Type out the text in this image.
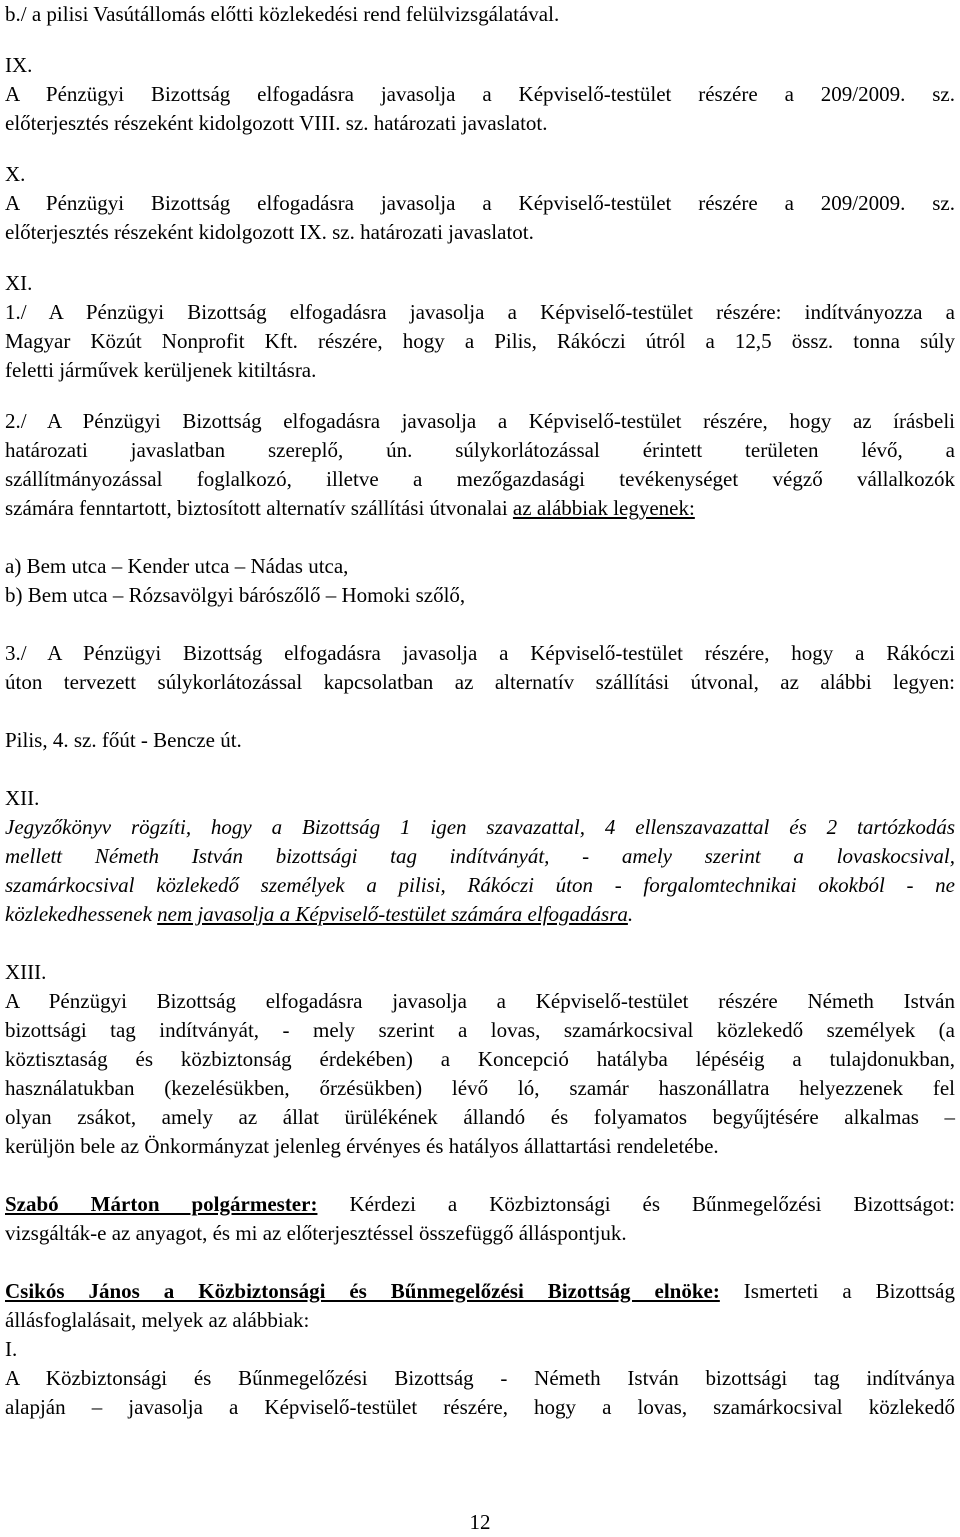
b./ a pilisi Vasútállomás előtti közlekedési rend felülvizsgálatával.

IX.

A Pénzügyi Bizottság elfogadásra javasolja a Képviselő-testület részére a 209/2009. sz.

előterjesztés részeként kidolgozott VIII. sz. határozati javaslatot.

X.

A Pénzügyi Bizottság elfogadásra javasolja a Képviselő-testület részére a 209/2009. sz.

előterjesztés részeként kidolgozott IX. sz. határozati javaslatot.

XI.

1./ A Pénzügyi Bizottság elfogadásra javasolja a Képviselő-testület részére: indítványozza a

Magyar Közút Nonprofit Kft. részére, hogy a Pilis, Rákóczi útról a 12,5 össz. tonna súly

feletti járművek kerüljenek kitiltásra.

2./ A Pénzügyi Bizottság elfogadásra javasolja a Képviselő-testület részére, hogy az írásbeli

határozati javaslatban szereplő, ún. súlykorlátozással érintett területen lévő, a

szállítmányozással foglalkozó, illetve a mezőgazdasági tevékenységet végző vállalkozók

számára fenntartott, biztosított alternatív szállítási útvonalai az alábbiak legyenek:

a) Bem utca – Kender utca – Nádas utca,

b) Bem utca – Rózsavölgyi bárószőlő – Homoki szőlő,

3./ A Pénzügyi Bizottság elfogadásra javasolja a Képviselő-testület részére, hogy a Rákóczi

úton tervezett súlykorlátozással kapcsolatban az alternatív szállítási útvonal, az alábbi legyen:

Pilis, 4. sz. főút - Bencze út.

XII.

Jegyzőkönyv rögzíti, hogy a Bizottság 1 igen szavazattal, 4 ellenszavazattal és 2 tartózkodás

mellett Németh István bizottsági tag indítványát, - amely szerint a lovaskocsival,

szamárkocsival közlekedő személyek a pilisi, Rákóczi úton - forgalomtechnikai okokból - ne

közlekedhessenek nem javasolja a Képviselő-testület számára elfogadásra.

XIII.

A Pénzügyi Bizottság elfogadásra javasolja a Képviselő-testület részére Németh István

bizottsági tag indítványát, - mely szerint a lovas, szamárkocsival közlekedő személyek (a

köztisztaság és közbiztonság érdekében) a Koncepció hatályba lépéséig a tulajdonukban,

használatukban (kezelésükben, őrzésükben) lévő ló, szamár haszonállatra helyezzenek fel

olyan zsákot, amely az állat ürülékének állandó és folyamatos begyűjtésére alkalmas –

kerüljön bele az Önkormányzat jelenleg érvényes és hatályos állattartási rendeletébe.

Szabó Márton polgármester: Kérdezi a Közbiztonsági és Bűnmegelőzési Bizottságot:

vizsgálták-e az anyagot, és mi az előterjesztéssel összefüggő álláspontjuk.

Csikós János a Közbiztonsági és Bűnmegelőzési Bizottság elnöke: Ismerteti a Bizottság

állásfoglalásait, melyek az alábbiak:

I.

A Közbiztonsági és Bűnmegelőzési Bizottság - Németh István bizottsági tag indítványa

alapján – javasolja a Képviselő-testület részére, hogy a lovas, szamárkocsival közlekedő

12
